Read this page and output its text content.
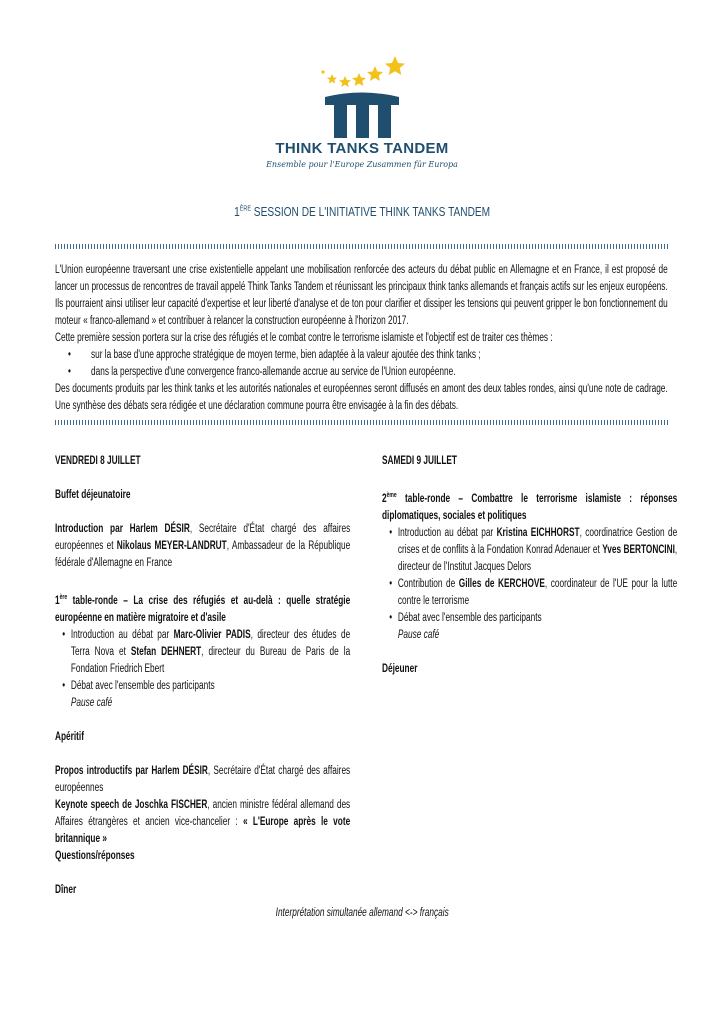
THINK TANKS TANDEM
Ensemble pour l'Europe Zusammen für Europa
1ÈRE SESSION DE L'INITIATIVE THINK TANKS TANDEM
L'Union européenne traversant une crise existentielle appelant une mobilisation renforcée des acteurs du débat public en Allemagne et en France, il est proposé de lancer un processus de rencontres de travail appelé Think Tanks Tandem et réunissant les principaux think tanks allemands et français actifs sur les enjeux européens. Ils pourraient ainsi utiliser leur capacité d'expertise et leur liberté d'analyse et de ton pour clarifier et dissiper les tensions qui peuvent gripper le bon fonctionnement du moteur « franco-allemand » et contribuer à relancer la construction européenne à l'horizon 2017.
Cette première session portera sur la crise des réfugiés et le combat contre le terrorisme islamiste et l'objectif est de traiter ces thèmes :
• sur la base d'une approche stratégique de moyen terme, bien adaptée à la valeur ajoutée des think tanks ;
• dans la perspective d'une convergence franco-allemande accrue au service de l'Union européenne.
Des documents produits par les think tanks et les autorités nationales et européennes seront diffusés en amont des deux tables rondes, ainsi qu'une note de cadrage. Une synthèse des débats sera rédigée et une déclaration commune pourra être envisagée à la fin des débats.
VENDREDI 8 JUILLET
Buffet déjeunatoire
Introduction par Harlem DÉSIR, Secrétaire d'État chargé des affaires européennes et Nikolaus MEYER-LANDRUT, Ambassadeur de la République fédérale d'Allemagne en France
1ère table-ronde – La crise des réfugiés et au-delà : quelle stratégie européenne en matière migratoire et d'asile
• Introduction au débat par Marc-Olivier PADIS, directeur des études de Terra Nova et Stefan DEHNERT, directeur du Bureau de Paris de la Fondation Friedrich Ebert
• Débat avec l'ensemble des participants
Pause café
Apéritif
Propos introductifs par Harlem DÉSIR, Secrétaire d'État chargé des affaires européennes
Keynote speech de Joschka FISCHER, ancien ministre fédéral allemand des Affaires étrangères et ancien vice-chancelier : « L'Europe après le vote britannique »
Questions/réponses
Dîner
SAMEDI 9 JUILLET
2ème table-ronde – Combattre le terrorisme islamiste : réponses diplomatiques, sociales et politiques
• Introduction au débat par Kristina EICHHORST, coordinatrice Gestion de crises et de conflits à la Fondation Konrad Adenauer et Yves BERTONCINI, directeur de l'Institut Jacques Delors
• Contribution de Gilles de KERCHOVE, coordinateur de l'UE pour la lutte contre le terrorisme
• Débat avec l'ensemble des participants
Pause café
Déjeuner
Interprétation simultanée allemand <-> français
